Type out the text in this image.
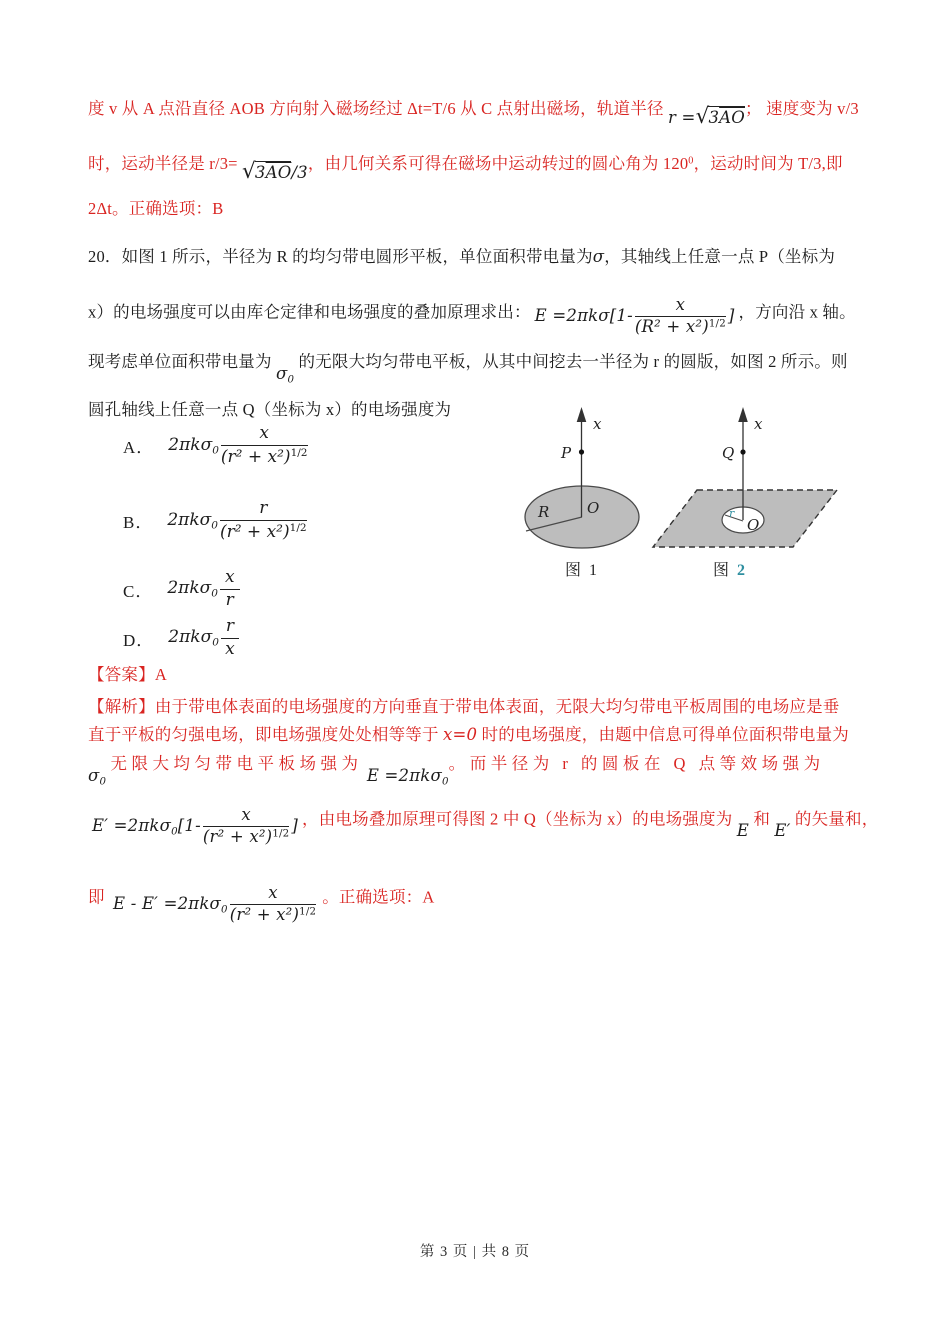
度 v 从 A 点沿直径 AOB 方向射入磁场经过 Δt=T/6 从 C 点射出磁场，轨道半径 $r =√3\overline{AO}$； 速度变为 v/3
时，运动半径是 $r/3= √3\overline{AO}/3$，由几何关系可得在磁场中运动转过的圆心角为 $120^0$，运动时间为 T/3,即
2Δt。正确选项：B
20．如图 1 所示，半径为 R 的均匀带电圆形平板，单位面积带电量为σ，其轴线上任意一点 P（坐标为
x）的电场强度可以由库仑定律和电场强度的叠加原理求出： $E =2\pi k\sigma[1- \frac{x}{(R^2 + x^2)^{1/2}}$ ] ，方向沿 x 轴。
现考虑单位面积带电量为 $\sigma_0$ 的无限大均匀带电平板，从其中间挖去一半径为 r 的圆版，如图 2 所示。则
圆孔轴线上任意一点 Q（坐标为 x）的电场强度为
A． $2\pi k\sigma_0 \frac{x}{(r^2 + x^2)^{1/2}}$
B． $2\pi k\sigma_0 \frac{r}{(r^2 + x^2)^{1/2}}$
C． $2\pi k\sigma_0 \frac{x}{r}$
D． $2\pi k\sigma_0 \frac{r}{x}$
x
P
R	O
图 1
x
Q
r
O
图 2
【答案】A
【解析】由于带电体表面的电场强度的方向垂直于带电体表面，无限大均匀带电平板周围的电场应是垂
直于平板的匀强电场，即电场强度处处相等等于 x=0 时的电场强度，由题中信息可得单位面积带电量为
$\sigma_0$ 无限大均匀带电平板场强为 E =2πkσ$_0$。 而半径为 r 的圆板在 Q 点等效场强为
$E' =2\pi k\sigma_0[1- \frac{x}{(r^2 + x^2)^{1/2}}$ ] ，由电场叠加原理可得图 2 中 Q（坐标为 x）的电场强度为 E 和 E′ 的矢量和，
即 $E - E' =2\pi k\sigma_0 \frac{x}{(r^2 + x^2)^{1/2}}$ 。正确选项：A
第 3 页 | 共 8 页
